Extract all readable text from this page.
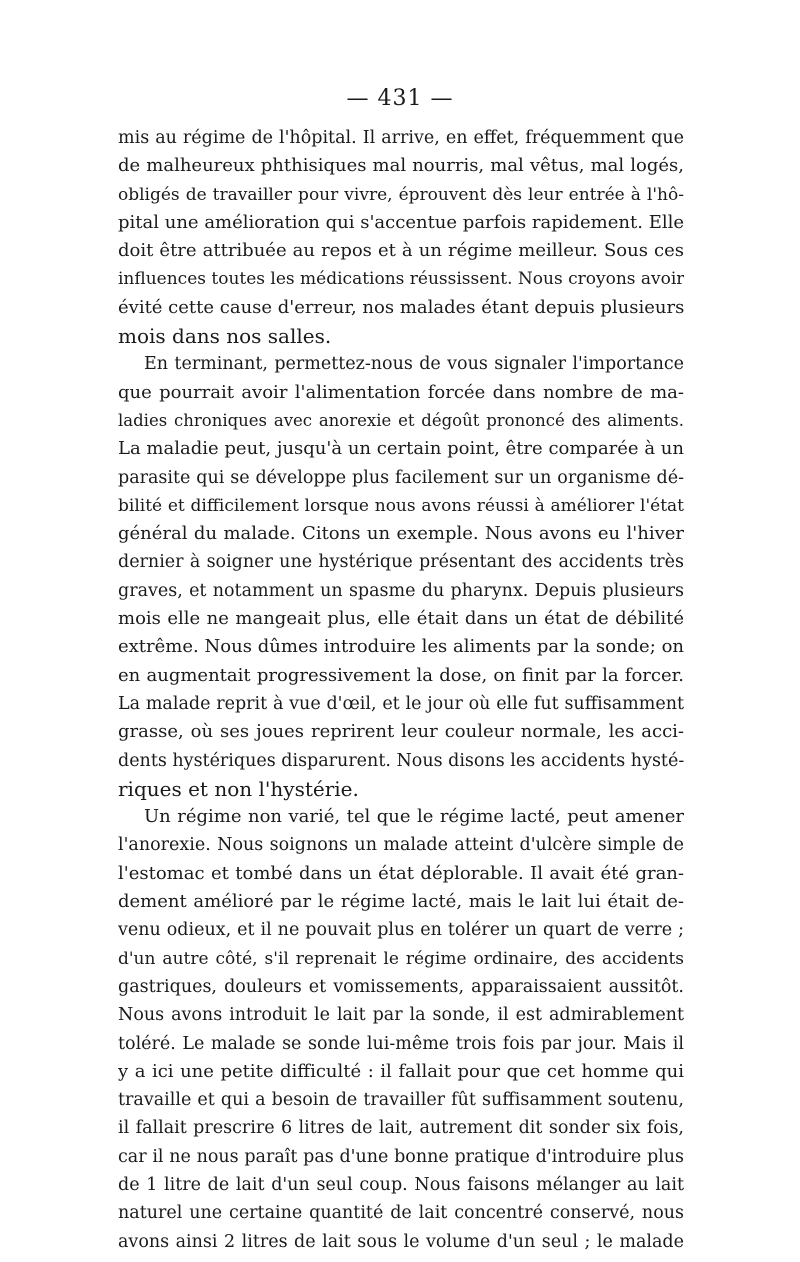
— 431 —
mis au régime de l'hôpital. Il arrive, en effet, fréquemment que
de malheureux phthisiques mal nourris, mal vêtus, mal logés,
obligés de travailler pour vivre, éprouvent dès leur entrée à l'hô-
pital une amélioration qui s'accentue parfois rapidement. Elle
doit être attribuée au repos et à un régime meilleur. Sous ces
influences toutes les médications réussissent. Nous croyons avoir
évité cette cause d'erreur, nos malades étant depuis plusieurs
mois dans nos salles.
En terminant, permettez-nous de vous signaler l'importance
que pourrait avoir l'alimentation forcée dans nombre de ma-
ladies chroniques avec anorexie et dégoût prononcé des aliments.
La maladie peut, jusqu'à un certain point, être comparée à un
parasite qui se développe plus facilement sur un organisme dé-
bilité et difficilement lorsque nous avons réussi à améliorer l'état
général du malade. Citons un exemple. Nous avons eu l'hiver
dernier à soigner une hystérique présentant des accidents très
graves, et notamment un spasme du pharynx. Depuis plusieurs
mois elle ne mangeait plus, elle était dans un état de débilité
extrême. Nous dûmes introduire les aliments par la sonde; on
en augmentait progressivement la dose, on finit par la forcer.
La malade reprit à vue d'œil, et le jour où elle fut suffisamment
grasse, où ses joues reprirent leur couleur normale, les acci-
dents hystériques disparurent. Nous disons les accidents hysté-
riques et non l'hystérie.
Un régime non varié, tel que le régime lacté, peut amener
l'anorexie. Nous soignons un malade atteint d'ulcère simple de
l'estomac et tombé dans un état déplorable. Il avait été gran-
dement amélioré par le régime lacté, mais le lait lui était de-
venu odieux, et il ne pouvait plus en tolérer un quart de verre ;
d'un autre côté, s'il reprenait le régime ordinaire, des accidents
gastriques, douleurs et vomissements, apparaissaient aussitôt.
Nous avons introduit le lait par la sonde, il est admirablement
toléré. Le malade se sonde lui-même trois fois par jour. Mais il
y a ici une petite difficulté : il fallait pour que cet homme qui
travaille et qui a besoin de travailler fût suffisamment soutenu,
il fallait prescrire 6 litres de lait, autrement dit sonder six fois,
car il ne nous paraît pas d'une bonne pratique d'introduire plus
de 1 litre de lait d'un seul coup. Nous faisons mélanger au lait
naturel une certaine quantité de lait concentré conservé, nous
avons ainsi 2 litres de lait sous le volume d'un seul ; le malade
